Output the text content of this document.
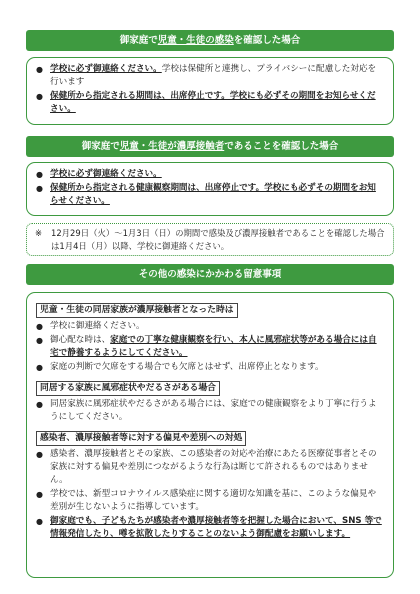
御家庭で児童・生徒の感染を確認した場合
● 学校に必ず御連絡ください。学校は保健所と連携し、プライバシーに配慮した対応を行います
● 保健所から指定される期間は、出席停止です。学校にも必ずその期間をお知らせください。
御家庭で児童・生徒が濃厚接触者であることを確認した場合
● 学校に必ず御連絡ください。
● 保健所から指定される健康観察期間は、出席停止です。学校にも必ずその期間をお知らせください。
※ 12月29日（火）～1月3日（日）の期間で感染及び濃厚接触者であることを確認した場合は1月4日（月）以降、学校に御連絡ください。
その他の感染にかかわる留意事項
児童・生徒の同居家族が濃厚接触者となった時は
● 学校に御連絡ください。
● 御心配な時は、家庭での丁寧な健康観察を行い、本人に風邪症状等がある場合には自宅で静養するようにしてください。
● 家庭の判断で欠席をする場合でも欠席とはせず、出席停止となります。
同居する家族に風邪症状やだるさがある場合
● 同居家族に風邪症状やだるさがある場合には、家庭での健康観察をより丁寧に行うようにしてください。
感染者、濃厚接触者等に対する偏見や差別への対処
● 感染者、濃厚接触者とその家族、この感染者の対応や治療にあたる医療従事者とその家族に対する偏見や差別につながるような行為は断じて許されるものではありません。
● 学校では、新型コロナウイルス感染症に関する適切な知識を基に、このような偏見や差別が生じないように指導しています。
● 御家庭でも、子どもたちが感染者や濃厚接触者等を把握した場合において、SNS 等で情報発信したり、噂を拡散したりすることのないよう御配慮をお願いします。
